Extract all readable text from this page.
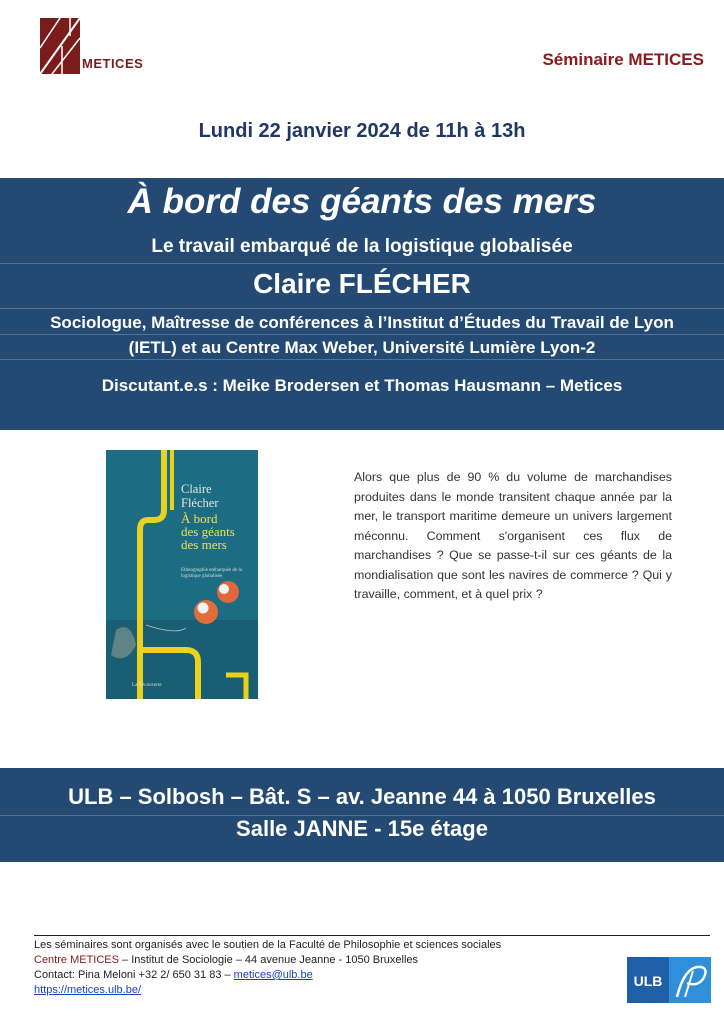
METICES	Séminaire METICES
Lundi 22 janvier 2024 de 11h à 13h
À bord des géants des mers
Le travail embarqué de la logistique globalisée
Claire FLÉCHER
Sociologue, Maîtresse de conférences à l’Institut d’Études du Travail de Lyon
(IETL) et au Centre Max Weber, Université Lumière Lyon-2
Discutant.e.s : Meike Brodersen et Thomas Hausmann – Metices
Claire
Flécher
À bord
des géants
des mers
Ethnographie embarquée de la logistique globalisée
La Découverte
Alors que plus de 90 % du volume de marchandises produites dans le monde transitent chaque année par la mer, le transport maritime demeure un univers largement méconnu. Comment s'organisent ces flux de marchandises ? Que se passe-t-il sur ces géants de la mondialisation que sont les navires de commerce ? Qui y travaille, comment, et à quel prix ?
ULB – Solbosh – Bât. S – av. Jeanne 44 à 1050 Bruxelles
Salle JANNE - 15e étage
Les séminaires sont organisés avec le soutien de la Faculté de Philosophie et sciences sociales
Centre METICES – Institut de Sociologie – 44 avenue Jeanne - 1050 Bruxelles
Contact: Pina Meloni +32 2/ 650 31 83 – metices@ulb.be
https://metices.ulb.be/
ULB
